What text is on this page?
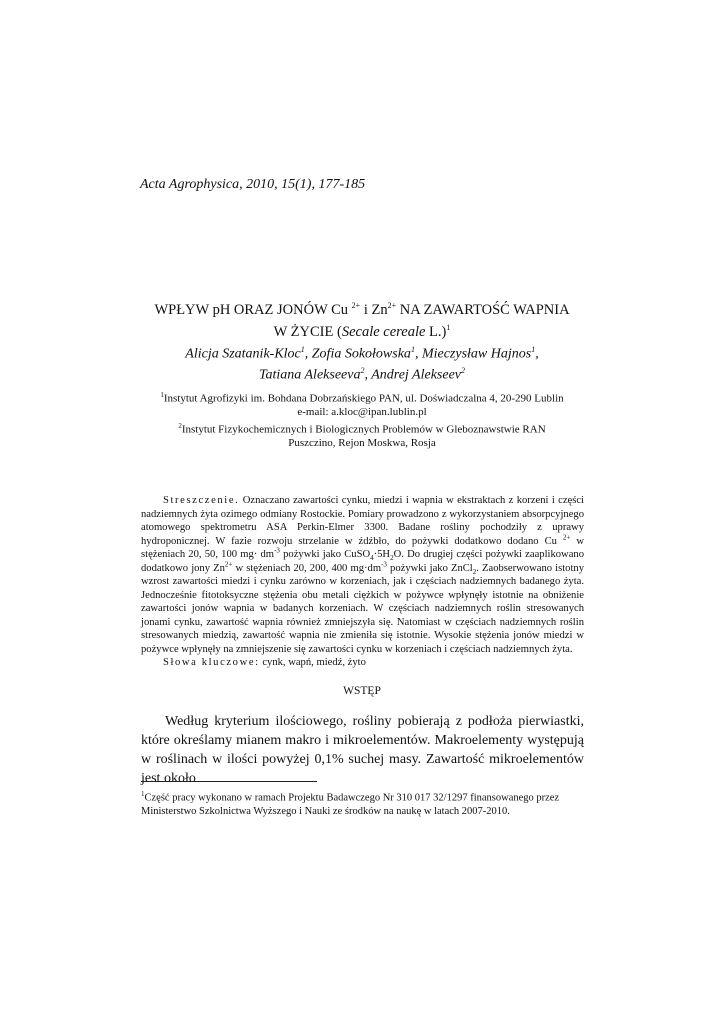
Acta Agrophysica, 2010, 15(1), 177-185
WPŁYW pH ORAZ JONÓW Cu $^{2+}$ i $Zn^{2+}$ NA ZAWARTOŚĆ WAPNIA
W ŻYCIE (Secale cereale L.)$^1$
Alicja Szatanik-Kloc$^1$, Zofia Sokołowska$^1$, Mieczysław Hajnos$^1$,
Tatiana Alekseeva$^2$, Andrej Alekseev$^2$
$^1$Instytut Agrofizyki im. Bohdana Dobrzańskiego PAN, ul. Doświadczalna 4, 20-290 Lublin
e-mail: a.kloc@ipan.lublin.pl
$^2$Instytut Fizykochemicznych i Biologicznych Problemów w Gleboznawstwie RAN
Puszczino, Rejon Moskwa, Rosja

Streszczenie. Oznaczano zawartości cynku, miedzi i wapnia w ekstraktach z korzeni i części nadziemnych żyta ozimego odmiany Rostockie. Pomiary prowadzono z wykorzystaniem absorpcyjnego atomowego spektrometru ASA Perkin-Elmer 3300. Badane rośliny pochodziły z uprawy hydroponicznej. W fazie rozwoju strzelanie w źdźbło, do pożywki dodatkowo dodano Cu $^{2+}$ w stężeniach 20, 50, 100 $mg\cdot dm^{-3}$ pożywki jako $CuSO_4\cdot 5H_2O$. Do drugiej części pożywki zaaplikowano dodatkowo jony $Zn^{2+}$ w stężeniach 20, 200, 400 $mg\cdot dm^{-3}$ pożywki jako ZnCl$_2$. Zaobserwowano istotny wzrost zawartości miedzi i cynku zarówno w korzeniach, jak i częściach nadziemnych badanego żyta. Jednocześnie fitotoksyczne stężenia obu metali ciężkich w pożywce wpłynęły istotnie na obniżenie zawartości jonów wapnia w badanych korzeniach. W częściach nadziemnych roślin stresowanych jonami cynku, zawartość wapnia również zmniejszyła się. Natomiast w częściach nadziemnych roślin stresowanych miedzią, zawartość wapnia nie zmieniła się istotnie. Wysokie stężenia jonów miedzi w pożywce wpłynęły na zmniejszenie się zawartości cynku w korzeniach i częściach nadziemnych żyta.

Słowa kluczowe: cynk, wapń, miedź, żyto

WSTĘP

Według kryterium ilościowego, rośliny pobierają z podłoża pierwiastki, które określamy mianem makro i mikroelementów. Makroelementy występują w roślinach w ilości powyżej 0,1% suchej masy. Zawartość mikroelementów jest około

$^1$Część pracy wykonano w ramach Projektu Badawczego Nr 310 017 32/1297 finansowanego przez Ministerstwo Szkolnictwa Wyższego i Nauki ze środków na naukę w latach 2007-2010.
